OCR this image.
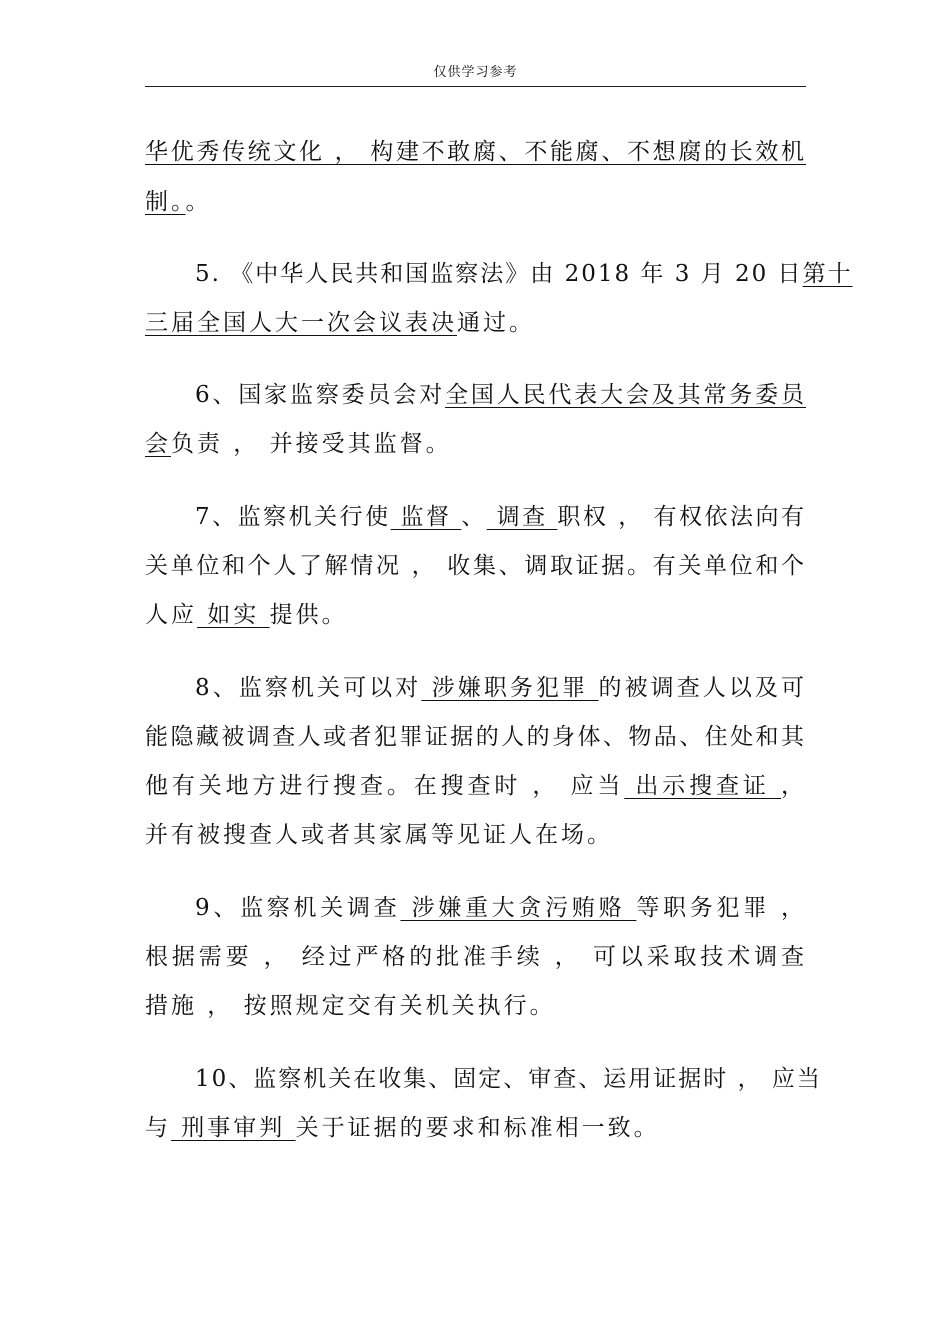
仅供学习参考
华优秀传统文化 ， 构建不敢腐、不能腐、不想腐的长效机
制。。
5. 《中华人民共和国监察法》由 2018 年 3 月 20 日第十
三届全国人大一次会议表决通过。
6、国家监察委员会对全国人民代表大会及其常务委员
会负责 ， 并接受其监督。
7、监察机关行使 监督 、 调查 职权 ， 有权依法向有
关单位和个人了解情况 ， 收集、调取证据。有关单位和个
人应 如实 提供。
8、监察机关可以对 涉嫌职务犯罪 的被调查人以及可
能隐藏被调查人或者犯罪证据的人的身体、物品、住处和其
他有关地方进行搜查。在搜查时 ， 应当 出示搜查证 ，
并有被搜查人或者其家属等见证人在场。
9、监察机关调查 涉嫌重大贪污贿赂 等职务犯罪 ，
根据需要 ， 经过严格的批准手续 ， 可以采取技术调查
措施 ， 按照规定交有关机关执行。
10、监察机关在收集、固定、审查、运用证据时 ， 应当
与 刑事审判 关于证据的要求和标准相一致。
